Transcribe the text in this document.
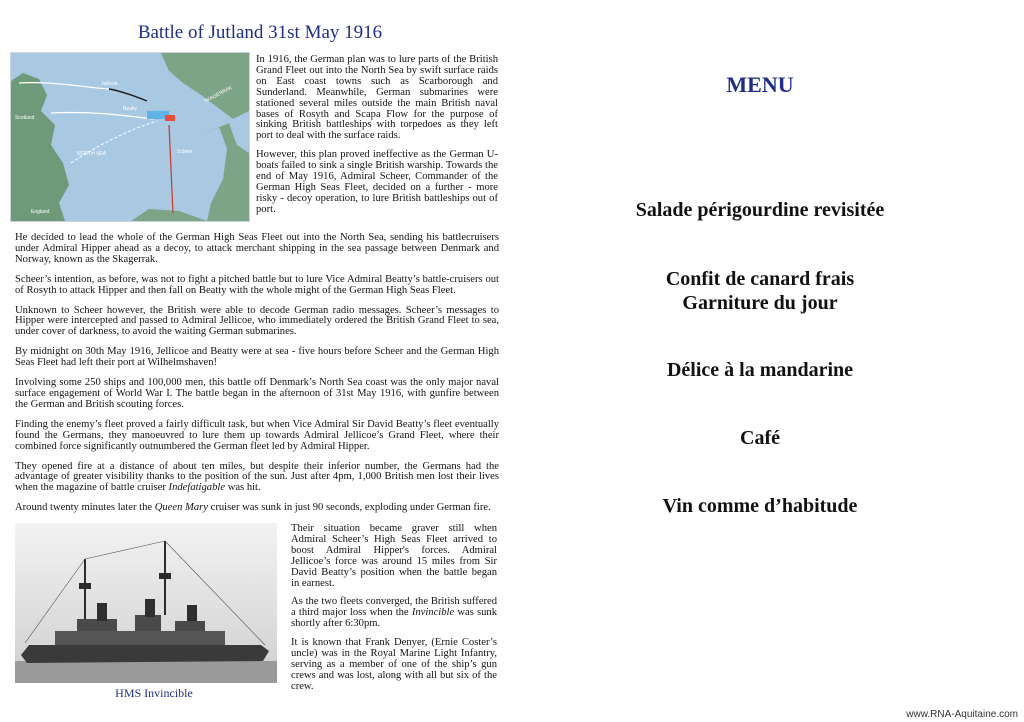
Battle of Jutland 31st May 1916
Jellicoe
Beatty
Scheer
Scotland
England
NORTH SEA
SKAGERRAK

In 1916, the German plan was to lure parts of the British Grand Fleet out into the North Sea by swift surface raids on East coast towns such as Scarborough and Sunderland. Meanwhile, German submarines were stationed several miles outside the main British naval bases of Rosyth and Scapa Flow for the purpose of sinking British battleships with torpedoes as they left port to deal with the surface raids.

However, this plan proved ineffective as the German U-boats failed to sink a single British warship. Towards the end of May 1916, Admiral Scheer, Commander of the German High Seas Fleet, decided on a further - more risky - decoy operation, to lure British battleships out of port.

He decided to lead the whole of the German High Seas Fleet out into the North Sea, sending his battlecruisers under Admiral Hipper ahead as a decoy, to attack merchant shipping in the sea passage between Denmark and Norway, known as the Skagerrak.

Scheer’s intention, as before, was not to fight a pitched battle but to lure Vice Admiral Beatty’s battle-cruisers out of Rosyth to attack Hipper and then fall on Beatty with the whole might of the German High Seas Fleet.

Unknown to Scheer however, the British were able to decode German radio messages. Scheer’s messages to Hipper were intercepted and passed to Admiral Jellicoe, who immediately ordered the British Grand Fleet to sea, under cover of darkness, to avoid the waiting German submarines.

By midnight on 30th May 1916, Jellicoe and Beatty were at sea - five hours before Scheer and the German High Seas Fleet had left their port at Wilhelmshaven!

Involving some 250 ships and 100,000 men, this battle off Denmark’s North Sea coast was the only major naval surface engagement of World War I. The battle began in the afternoon of 31st May 1916, with gunfire between the German and British scouting forces.

Finding the enemy’s fleet proved a fairly difficult task, but when Vice Admiral Sir David Beatty’s fleet eventually found the Germans, they manoeuvred to lure them up towards Admiral Jellicoe’s Grand Fleet, where their combined force significantly outnumbered the German fleet led by Admiral Hipper.

They opened fire at a distance of about ten miles, but despite their inferior number, the Germans had the advantage of greater visibility thanks to the position of the sun. Just after 4pm, 1,000 British men lost their lives when the magazine of battle cruiser Indefatigable was hit.

Around twenty minutes later the Queen Mary cruiser was sunk in just 90 seconds, exploding under German fire.

Their situation became graver still when Admiral Scheer’s High Seas Fleet arrived to boost Admiral Hipper's forces. Admiral Jellicoe’s force was around 15 miles from Sir David Beatty’s position when the battle began in earnest.

As the two fleets converged, the British suffered a third major loss when the Invincible was sunk shortly after 6:30pm.

It is known that Frank Denyer, (Ernie Coster’s uncle) was in the Royal Marine Light Infantry, serving as a member of one of the ship’s gun crews and was lost, along with all but six of the crew.

HMS Invincible
MENU
Salade périgourdine revisitée
Confit de canard frais
Garniture du jour
Délice à la mandarine
Café
Vin comme d’habitude
www.RNA-Aquitaine.com
